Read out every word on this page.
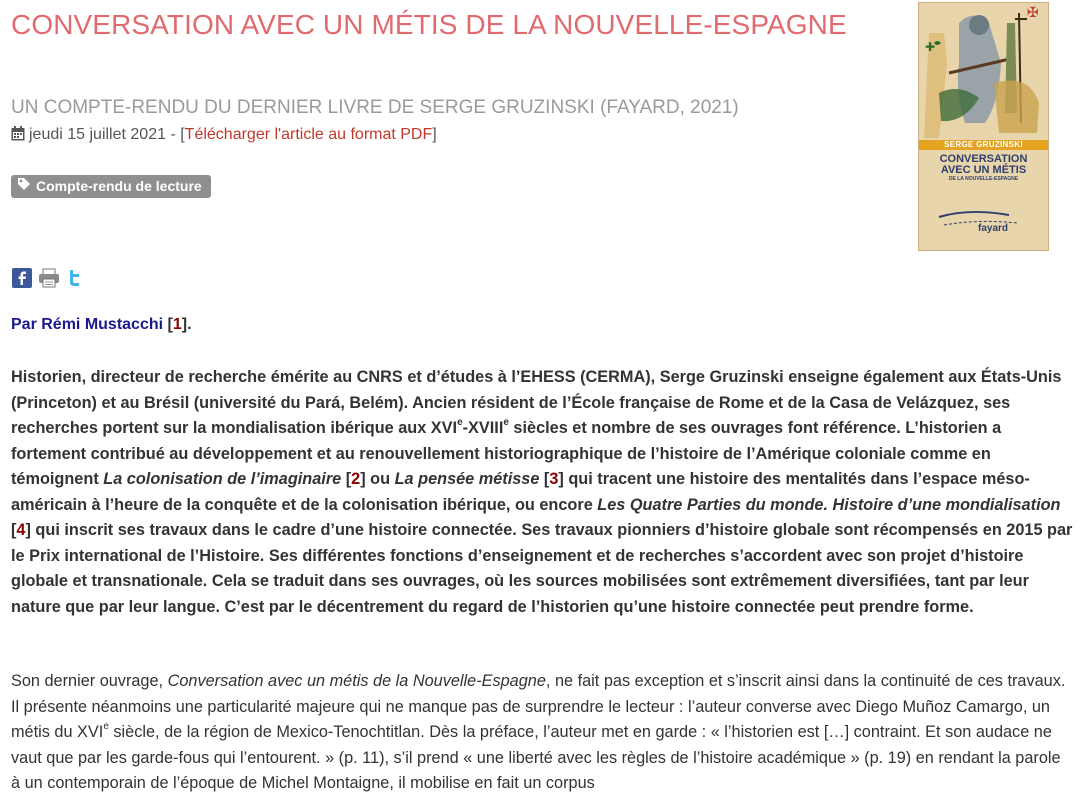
CONVERSATION AVEC UN MÉTIS DE LA NOUVELLE-ESPAGNE
UN COMPTE-RENDU DU DERNIER LIVRE DE SERGE GRUZINSKI (FAYARD, 2021)
jeudi 15 juillet 2021 - [Télécharger l'article au format PDF]
Compte-rendu de lecture
✠
✚
SERGE GRUZINSKI
CONVERSATION
AVEC UN MÉTIS
DE LA NOUVELLE-ESPAGNE
fayard
Par Rémi Mustacchi [1].

Historien, directeur de recherche émérite au CNRS et d’études à l’EHESS (CERMA), Serge Gruzinski enseigne également aux États-Unis (Princeton) et au Brésil (université du Pará, Belém). Ancien résident de l’École française de Rome et de la Casa de Velázquez, ses recherches portent sur la mondialisation ibérique aux XVIe-XVIIIe siècles et nombre de ses ouvrages font référence. L’historien a fortement contribué au développement et au renouvellement historiographique de l’histoire de l’Amérique coloniale comme en témoignent La colonisation de l’imaginaire [2] ou La pensée métisse [3] qui tracent une histoire des mentalités dans l’espace méso-américain à l’heure de la conquête et de la colonisation ibérique, ou encore Les Quatre Parties du monde. Histoire d’une mondialisation [4] qui inscrit ses travaux dans le cadre d’une histoire connectée. Ses travaux pionniers d’histoire globale sont récompensés en 2015 par le Prix international de l’Histoire. Ses différentes fonctions d’enseignement et de recherches s’accordent avec son projet d’histoire globale et transnationale. Cela se traduit dans ses ouvrages, où les sources mobilisées sont extrêmement diversifiées, tant par leur nature que par leur langue. C’est par le décentrement du regard de l’historien qu’une histoire connectée peut prendre forme.

Son dernier ouvrage, Conversation avec un métis de la Nouvelle-Espagne, ne fait pas exception et s’inscrit ainsi dans la continuité de ces travaux. Il présente néanmoins une particularité majeure qui ne manque pas de surprendre le lecteur : l’auteur converse avec Diego Muñoz Camargo, un métis du XVIe siècle, de la région de Mexico-Tenochtitlan. Dès la préface, l’auteur met en garde : « l’historien est […] contraint. Et son audace ne vaut que par les garde-fous qui l’entourent. » (p. 11), s’il prend « une liberté avec les règles de l’histoire académique » (p. 19) en rendant la parole à un contemporain de l’époque de Michel Montaigne, il mobilise en fait un corpus
